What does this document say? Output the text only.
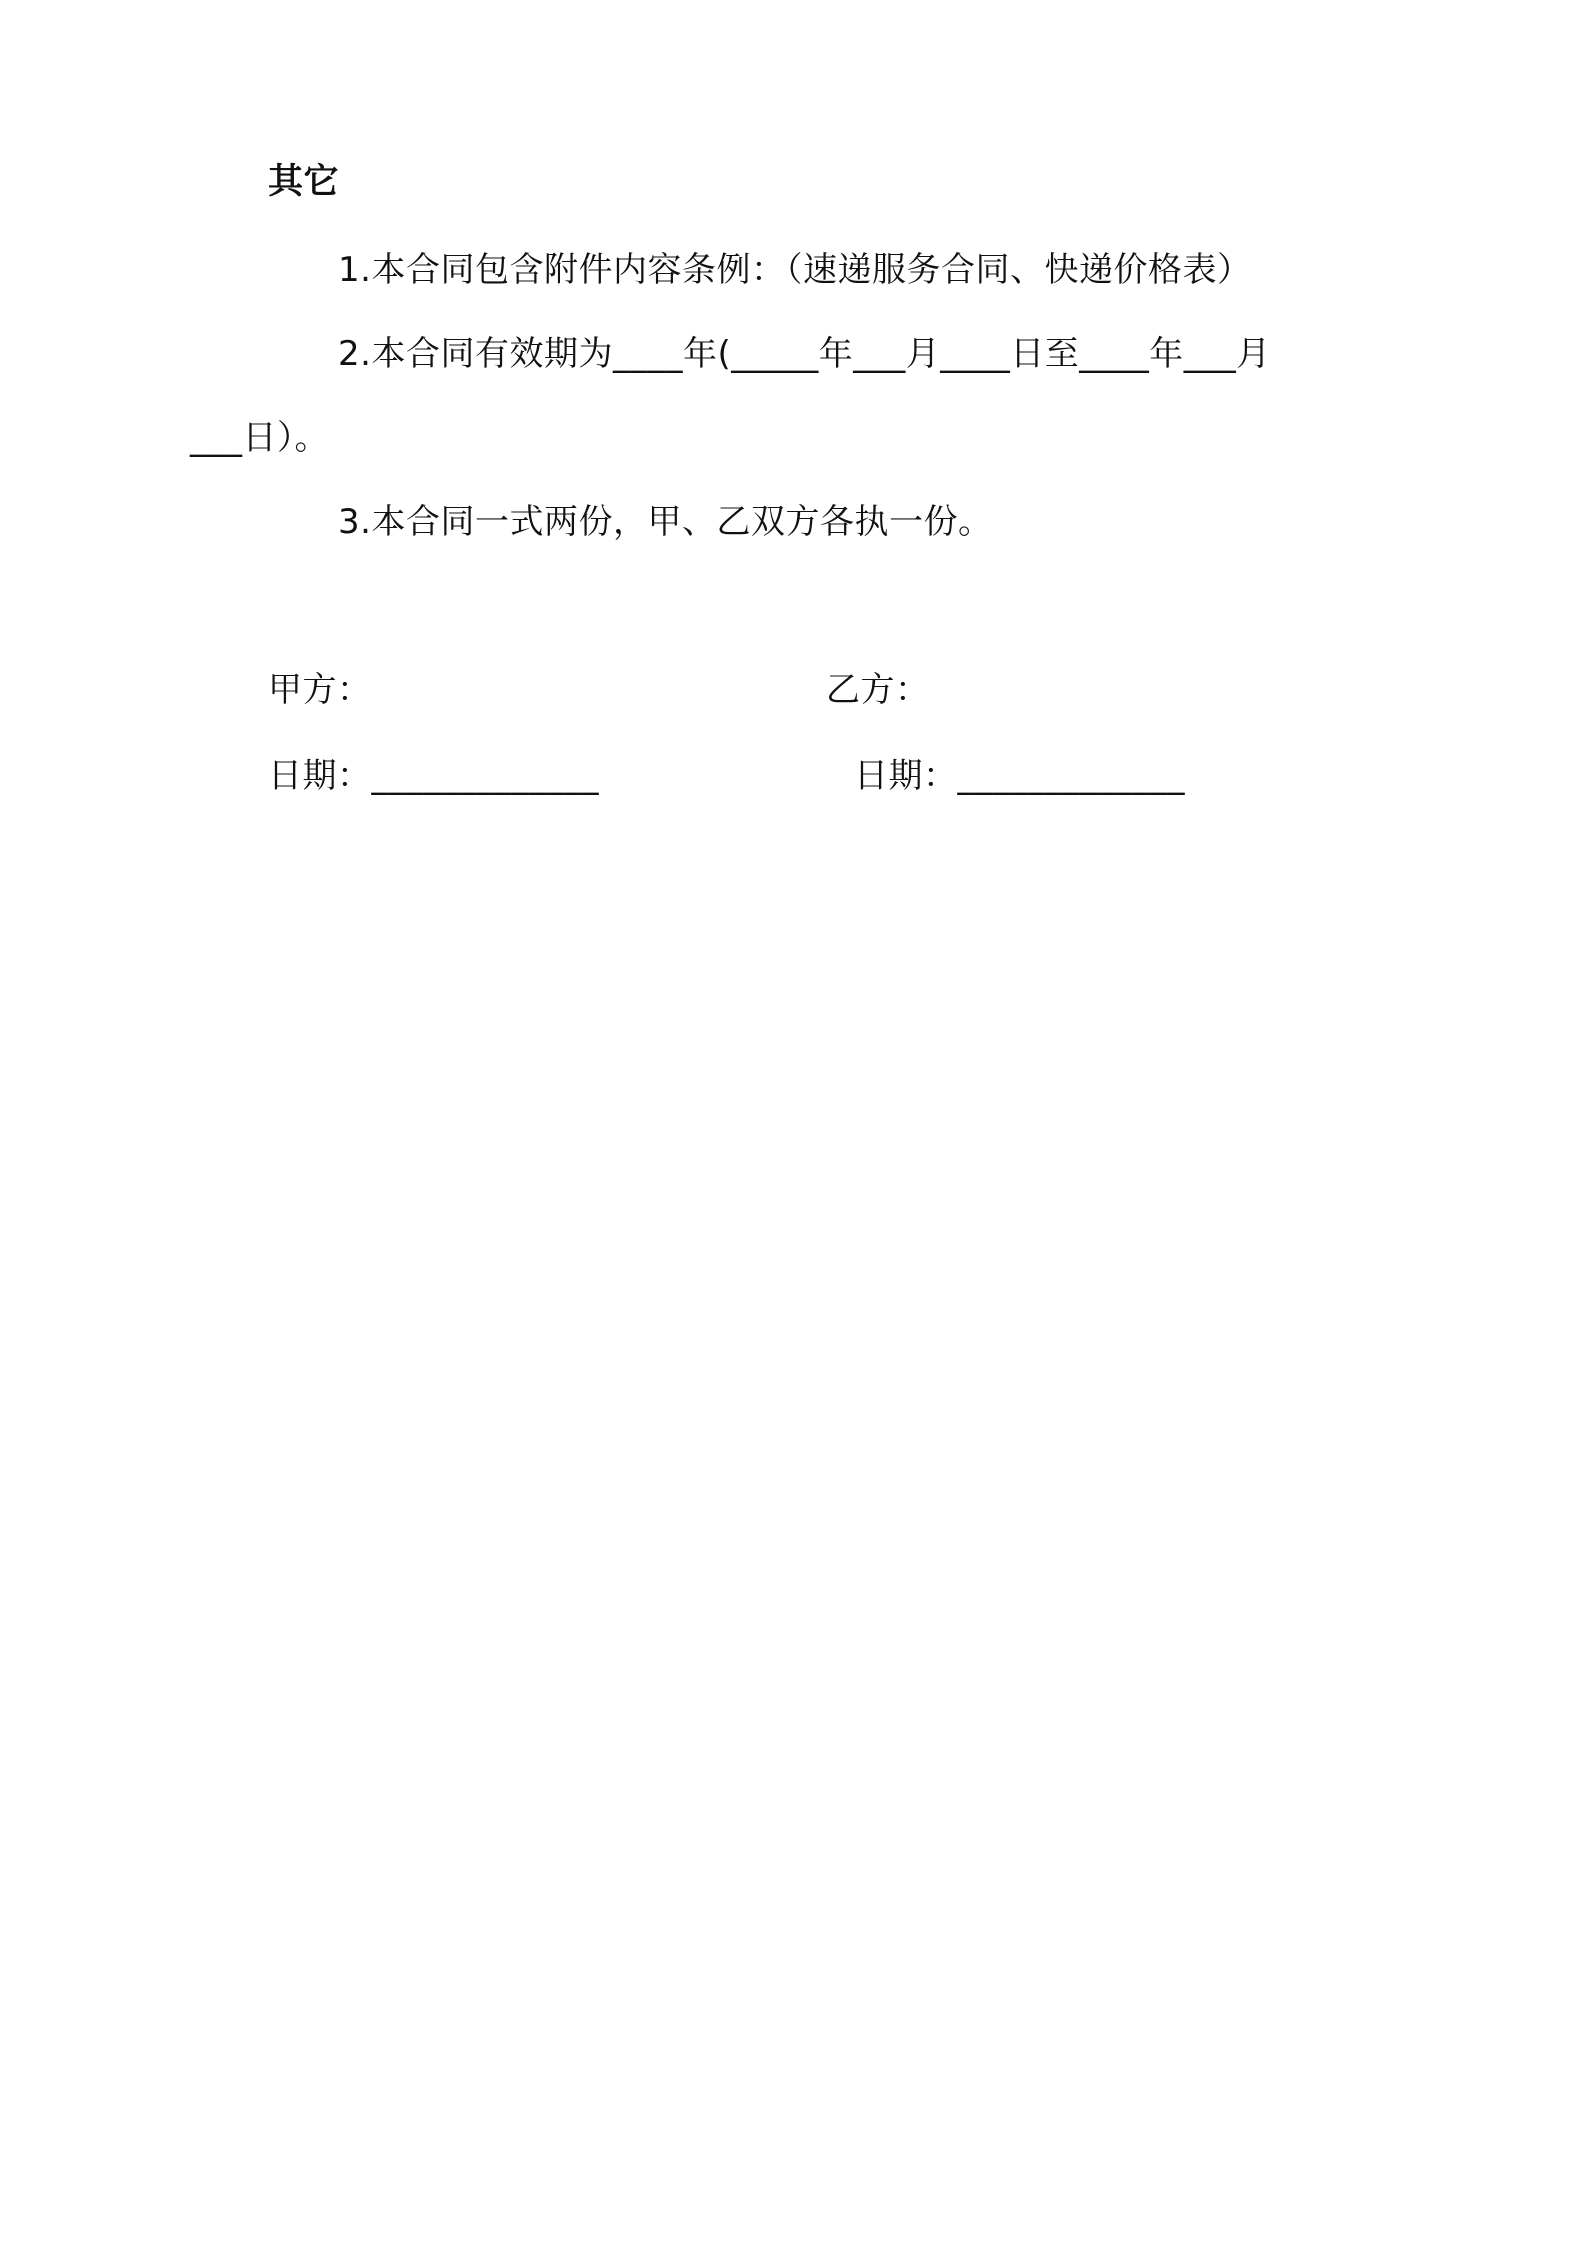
其它
1.本合同包含附件内容条例：（速递服务合同、快递价格表）
2.本合同有效期为____年(_____年___月____日至____年___月
___日）。
3.本合同一式两份，甲、乙双方各执一份。
甲方：	乙方：
日期：_____________	日期：_____________
